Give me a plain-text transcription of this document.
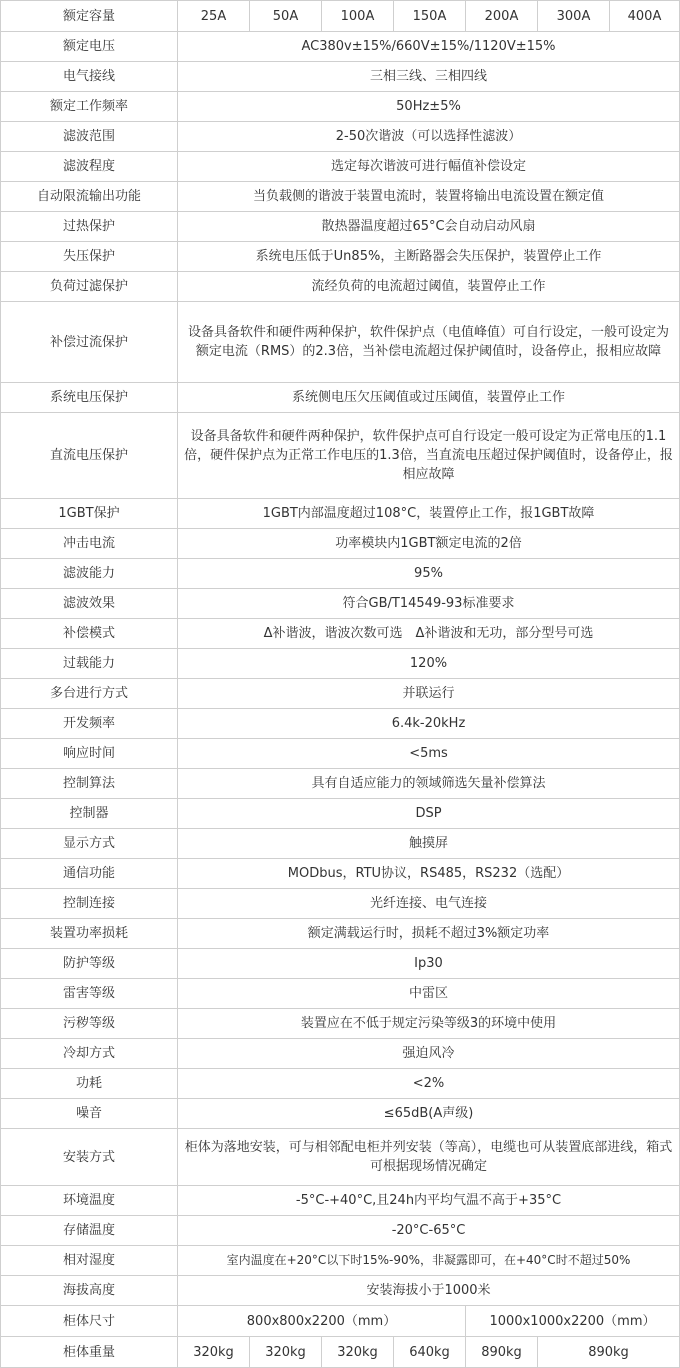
额定容量	25A	50A	100A	150A	200A	300A	400A
额定电压	AC380v±15%/660V±15%/1120V±15%						
电气接线	三相三线、三相四线						
额定工作频率	50Hz±5%						
滤波范围	2-50次谐波（可以选择性滤波）						
滤波程度	选定每次谐波可进行幅值补偿设定						
自动限流输出功能	当负载侧的谐波于装置电流时，装置将输出电流设置在额定值						
过热保护	散热器温度超过65°C会自动启动风扇						
失压保护	系统电压低于Un85%，主断路器会失压保护，装置停止工作						
负荷过滤保护	流经负荷的电流超过阈值，装置停止工作						
补偿过流保护	设备具备软件和硬件两种保护，软件保护点（电值峰值）可自行设定，一般可设定为额定电流（RMS）的2.3倍，当补偿电流超过保护阈值时，设备停止，报相应故障						
系统电压保护	系统侧电压欠压阈值或过压阈值，装置停止工作						
直流电压保护	设备具备软件和硬件两种保护，软件保护点可自行设定一般可设定为正常电压的1.1倍，硬件保护点为正常工作电压的1.3倍，当直流电压超过保护阈值时，设备停止，报相应故障						
1GBT保护	1GBT内部温度超过108°C，装置停止工作，报1GBT故障						
冲击电流	功率模块内1GBT额定电流的2倍						
滤波能力	95%						
滤波效果	符合GB/T14549-93标准要求						
补偿模式	Δ补谐波，谐波次数可选　Δ补谐波和无功，部分型号可选						
过载能力	120%						
多台进行方式	并联运行						
开发频率	6.4k-20kHz						
响应时间	<5ms						
控制算法	具有自适应能力的领域筛选矢量补偿算法						
控制器	DSP						
显示方式	触摸屏						
通信功能	MODbus，RTU协议，RS485，RS232（选配）						
控制连接	光纤连接、电气连接						
装置功率损耗	额定满载运行时，损耗不超过3%额定功率						
防护等级	Ip30						
雷害等级	中雷区						
污秽等级	装置应在不低于规定污染等级3的环境中使用						
冷却方式	强迫风冷						
功耗	<2%						
噪音	≤65dB(A声级)						
安装方式	柜体为落地安装，可与相邻配电柜并列安装（等高），电缆也可从装置底部进线，箱式可根据现场情况确定						
环境温度	-5°C-+40°C,且24h内平均气温不高于+35°C						
存储温度	-20°C-65°C						
相对湿度	室内温度在+20°C以下时15%-90%，非凝露即可，在+40°C时不超过50%						
海拔高度	安装海拔小于1000米						
柜体尺寸	800x800x2200（mm）				1000x1000x2200（mm）		
柜体重量	320kg	320kg	320kg	640kg	890kg	890kg	
